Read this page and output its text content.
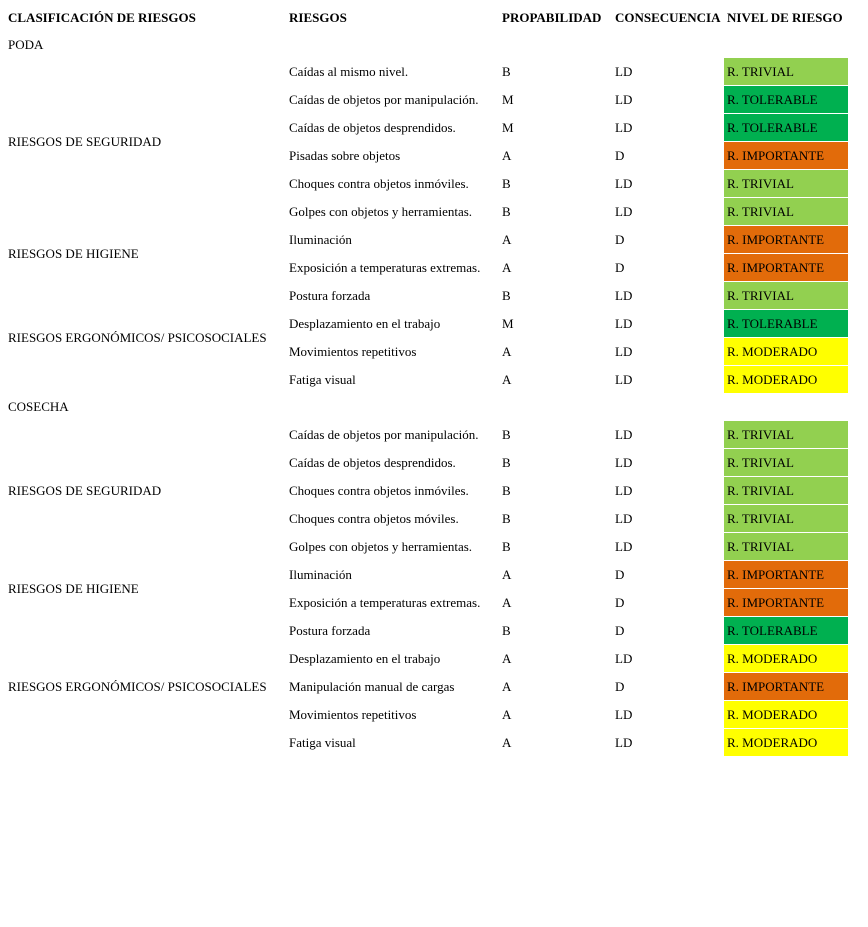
CLASIFICACIÓN DE RIESGOS	RIESGOS	PROPABILIDAD	CONSECUENCIA	NIVEL DE RIESGO
PODA				
RIESGOS DE SEGURIDAD	Caídas al mismo nivel.	B	LD	R. TRIVIAL
	Caídas de objetos por manipulación.	M	LD	R. TOLERABLE
	Caídas de objetos desprendidos.	M	LD	R. TOLERABLE
	Pisadas sobre objetos	A	D	R. IMPORTANTE
	Choques contra objetos inmóviles.	B	LD	R. TRIVIAL
	Golpes con objetos y herramientas.	B	LD	R. TRIVIAL
RIESGOS DE HIGIENE	Iluminación	A	D	R. IMPORTANTE
	Exposición a temperaturas extremas.	A	D	R. IMPORTANTE
RIESGOS ERGONÓMICOS/ PSICOSOCIALES	Postura forzada	B	LD	R. TRIVIAL
	Desplazamiento en el trabajo	M	LD	R. TOLERABLE
	Movimientos repetitivos	A	LD	R. MODERADO
	Fatiga visual	A	LD	R. MODERADO
COSECHA				
RIESGOS DE SEGURIDAD	Caídas de objetos por manipulación.	B	LD	R. TRIVIAL
	Caídas de objetos desprendidos.	B	LD	R. TRIVIAL
	Choques contra objetos inmóviles.	B	LD	R. TRIVIAL
	Choques contra objetos móviles.	B	LD	R. TRIVIAL
	Golpes con objetos y herramientas.	B	LD	R. TRIVIAL
RIESGOS DE HIGIENE	Iluminación	A	D	R. IMPORTANTE
	Exposición a temperaturas extremas.	A	D	R. IMPORTANTE
RIESGOS ERGONÓMICOS/ PSICOSOCIALES	Postura forzada	B	D	R. TOLERABLE
	Desplazamiento en el trabajo	A	LD	R. MODERADO
	Manipulación manual de cargas	A	D	R. IMPORTANTE
	Movimientos repetitivos	A	LD	R. MODERADO
	Fatiga visual	A	LD	R. MODERADO
